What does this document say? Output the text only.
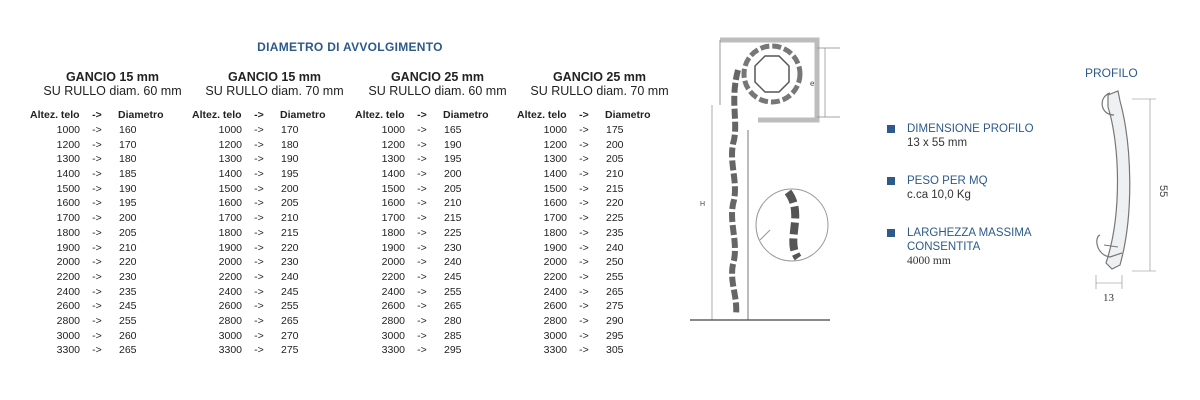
DIAMETRO DI AVVOLGIMENTO
GANCIO 15 mm
SU RULLO diam. 60 mm
Altez. telo	->	Diametro
1000	->	160
1200	->	170
1300	->	180
1400	->	185
1500	->	190
1600	->	195
1700	->	200
1800	->	205
1900	->	210
2000	->	220
2200	->	230
2400	->	235
2600	->	245
2800	->	255
3000	->	260
3300	->	265
GANCIO 15 mm
SU RULLO diam. 70 mm
Altez. telo	->	Diametro
1000	->	170
1200	->	180
1300	->	190
1400	->	195
1500	->	200
1600	->	205
1700	->	210
1800	->	215
1900	->	220
2000	->	230
2200	->	240
2400	->	245
2600	->	255
2800	->	265
3000	->	270
3300	->	275
GANCIO 25 mm
SU RULLO diam. 60 mm
Altez. telo	->	Diametro
1000	->	165
1200	->	190
1300	->	195
1400	->	200
1500	->	205
1600	->	210
1700	->	215
1800	->	225
1900	->	230
2000	->	240
2200	->	245
2400	->	255
2600	->	265
2800	->	280
3000	->	285
3300	->	295
GANCIO 25 mm
SU RULLO diam. 70 mm
Altez. telo	->	Diametro
1000	->	175
1200	->	200
1300	->	205
1400	->	210
1500	->	215
1600	->	220
1700	->	225
1800	->	235
1900	->	240
2000	->	250
2200	->	255
2400	->	265
2600	->	275
2800	->	290
3000	->	295
3300	->	305
e
H
DIMENSIONE PROFILO
13 x 55 mm
PESO PER MQ
c.ca 10,0 Kg
LARGHEZZA MASSIMA
CONSENTITA
4000 mm
PROFILO
55
13
